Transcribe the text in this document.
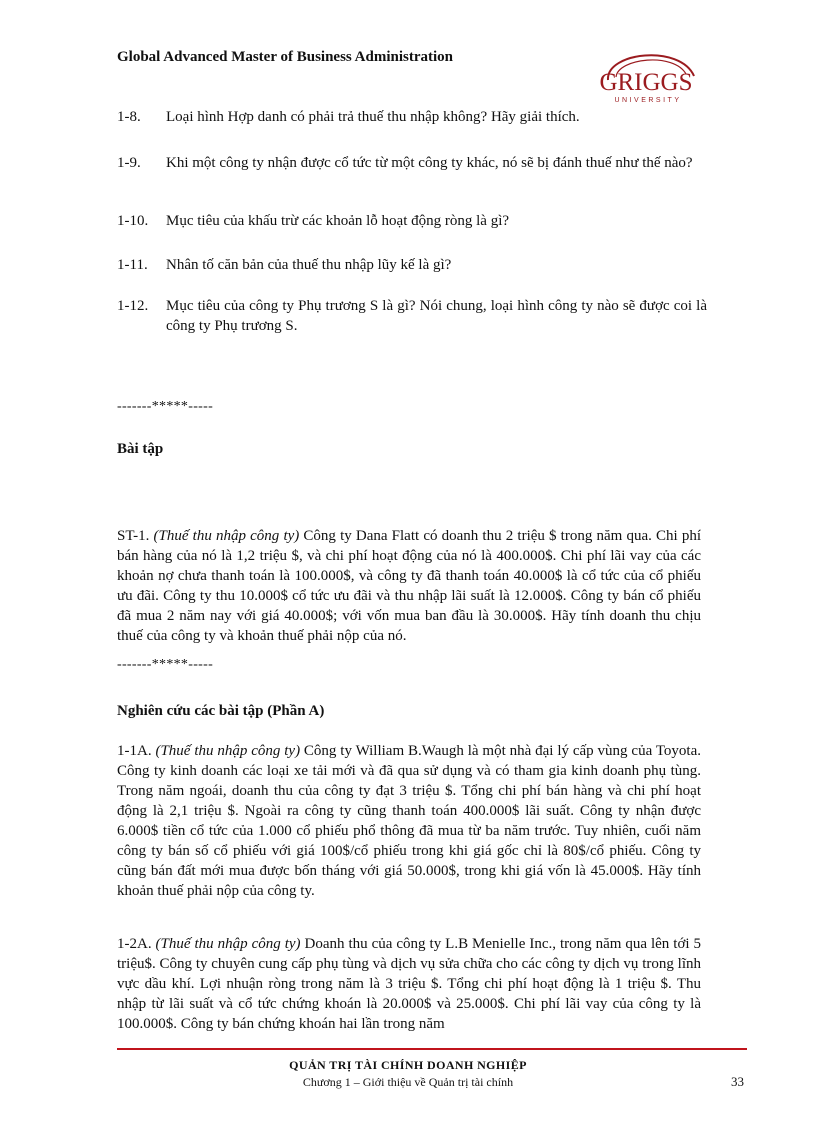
Global Advanced Master of Business Administration
GRIGGS
UNIVERSITY
1-8. Loại hình Hợp danh có phải trả thuế thu nhập không? Hãy giải thích.
1-9. Khi một công ty nhận được cổ tức từ một công ty khác, nó sẽ bị đánh thuế như thế nào?
1-10. Mục tiêu của khấu trừ các khoản lỗ hoạt động ròng là gì?
1-11. Nhân tố căn bản của thuế thu nhập lũy kế là gì?
1-12. Mục tiêu của công ty Phụ trương S là gì? Nói chung, loại hình công ty nào sẽ được coi là công ty Phụ trương S.
-------*****-----
Bài tập
ST-1. (Thuế thu nhập công ty) Công ty Dana Flatt có doanh thu 2 triệu $ trong năm qua. Chi phí bán hàng của nó là 1,2 triệu $, và chi phí hoạt động của nó là 400.000$. Chi phí lãi vay của các khoản nợ chưa thanh toán là 100.000$, và công ty đã thanh toán 40.000$ là cổ tức của cổ phiếu ưu đãi. Công ty thu 10.000$ cổ tức ưu đãi và thu nhập lãi suất là 12.000$. Công ty bán cổ phiếu đã mua 2 năm nay với giá 40.000$; với vốn mua ban đầu là 30.000$. Hãy tính doanh thu chịu thuế của công ty và khoản thuế phải nộp của nó.
-------*****-----
Nghiên cứu các bài tập (Phần A)
1-1A. (Thuế thu nhập công ty) Công ty William B.Waugh là một nhà đại lý cấp vùng của Toyota. Công ty kinh doanh các loại xe tải mới và đã qua sử dụng và có tham gia kinh doanh phụ tùng. Trong năm ngoái, doanh thu của công ty đạt 3 triệu $. Tổng chi phí bán hàng và chi phí hoạt động là 2,1 triệu $. Ngoài ra công ty cũng thanh toán 400.000$ lãi suất. Công ty nhận được 6.000$ tiền cổ tức của 1.000 cổ phiếu phổ thông đã mua từ ba năm trước. Tuy nhiên, cuối năm công ty bán số cổ phiếu với giá 100$/cổ phiếu trong khi giá gốc chỉ là 80$/cổ phiếu. Công ty cũng bán đất mới mua được bốn tháng với giá 50.000$, trong khi giá vốn là 45.000$. Hãy tính khoản thuế phải nộp của công ty.
1-2A. (Thuế thu nhập công ty) Doanh thu của công ty L.B Menielle Inc., trong năm qua lên tới 5 triệu$. Công ty chuyên cung cấp phụ tùng và dịch vụ sửa chữa cho các công ty dịch vụ trong lĩnh vực dầu khí. Lợi nhuận ròng trong năm là 3 triệu $. Tổng chi phí hoạt động là 1 triệu $. Thu nhập từ lãi suất và cổ tức chứng khoán là 20.000$ và 25.000$. Chi phí lãi vay của công ty là 100.000$. Công ty bán chứng khoán hai lần trong năm
QUẢN TRỊ TÀI CHÍNH DOANH NGHIỆP
Chương 1 – Giới thiệu về Quản trị tài chính	33
